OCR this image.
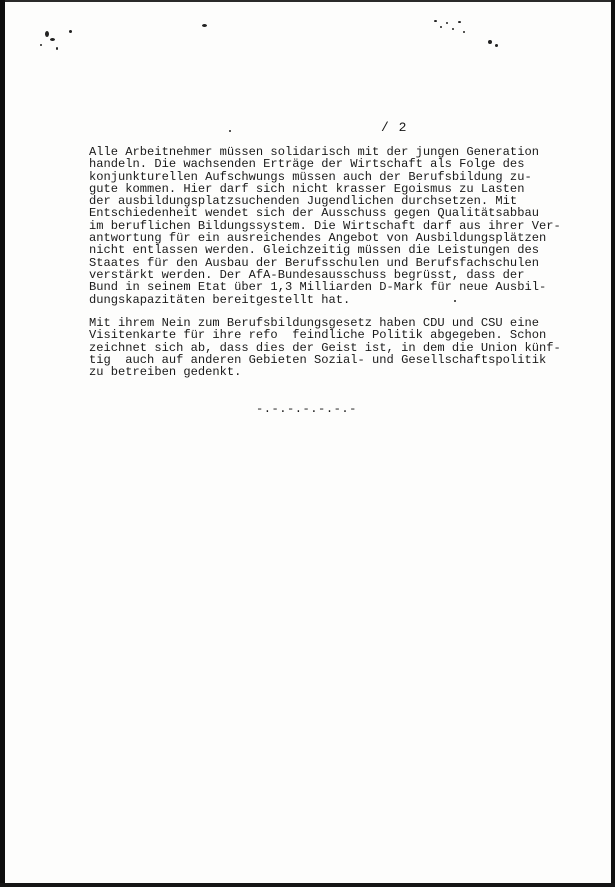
/ 2
Alle Arbeitnehmer müssen solidarisch mit der jungen Generation
handeln. Die wachsenden Erträge der Wirtschaft als Folge des
konjunkturellen Aufschwungs müssen auch der Berufsbildung zu-
gute kommen. Hier darf sich nicht krasser Egoismus zu Lasten
der ausbildungsplatzsuchenden Jugendlichen durchsetzen. Mit
Entschiedenheit wendet sich der Ausschuss gegen Qualitätsabbau
im beruflichen Bildungssystem. Die Wirtschaft darf aus ihrer Ver-
antwortung für ein ausreichendes Angebot von Ausbildungsplätzen
nicht entlassen werden. Gleichzeitig müssen die Leistungen des
Staates für den Ausbau der Berufsschulen und Berufsfachschulen
verstärkt werden. Der AfA-Bundesausschuss begrüsst, dass der
Bund in seinem Etat über 1,3 Milliarden D-Mark für neue Ausbil-
dungskapazitäten bereitgestellt hat.
Mit ihrem Nein zum Berufsbildungsgesetz haben CDU und CSU eine
Visitenkarte für ihre refo  feindliche Politik abgegeben. Schon
zeichnet sich ab, dass dies der Geist ist, in dem die Union künf-
tig  auch auf anderen Gebieten Sozial- und Gesellschaftspolitik
zu betreiben gedenkt.
-.-.-.-.-.-.-
